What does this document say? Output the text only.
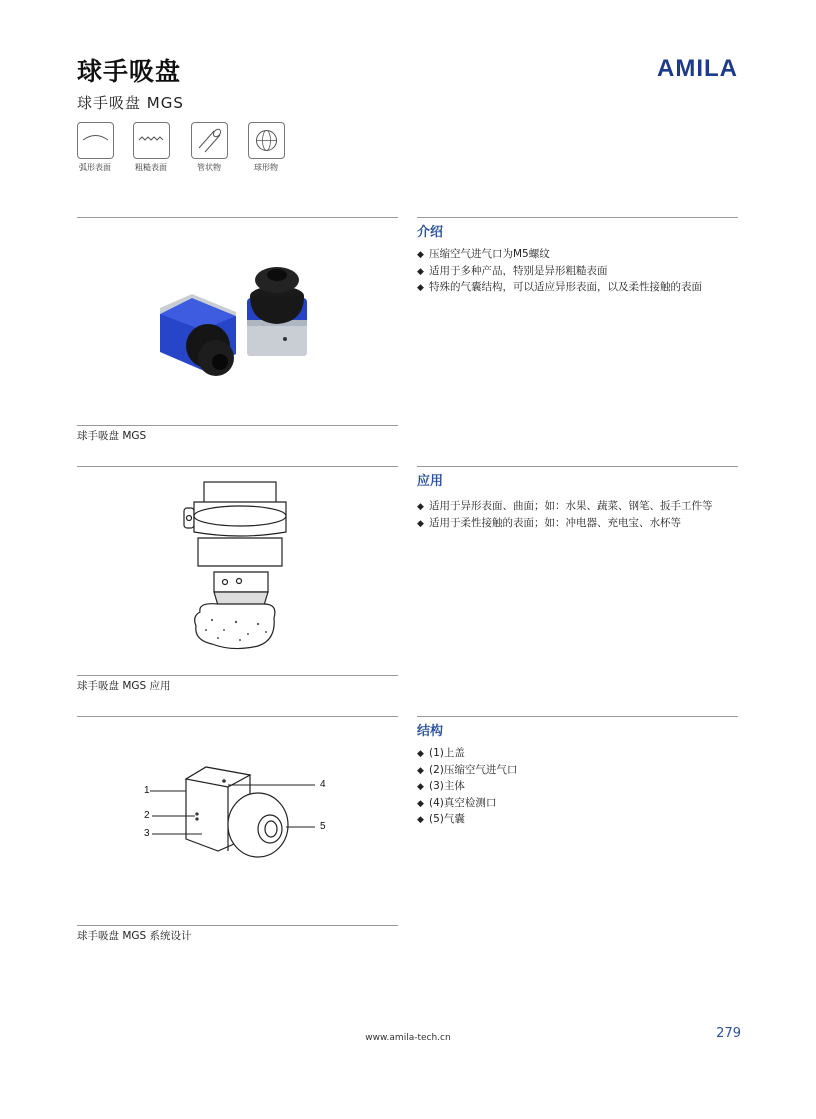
球手吸盘
球手吸盘 MGS
AMILA
弧形表面	粗糙表面	管状物	球形物
介绍
◆ 压缩空气进气口为M5螺纹
◆ 适用于多种产品，特别是异形粗糙表面
◆ 特殊的气囊结构，可以适应异形表面，以及柔性接触的表面
球手吸盘 MGS
应用
◆ 适用于异形表面、曲面；如：水果、蔬菜、钢笔、扳手工件等
◆ 适用于柔性接触的表面；如：冲电器、充电宝、水杯等
球手吸盘 MGS 应用
结构
◆ (1)上盖
◆ (2)压缩空气进气口
◆ (3)主体
◆ (4)真空检测口
◆ (5)气囊
1
2
3
4
5
球手吸盘 MGS 系统设计
www.amila-tech.cn	279
